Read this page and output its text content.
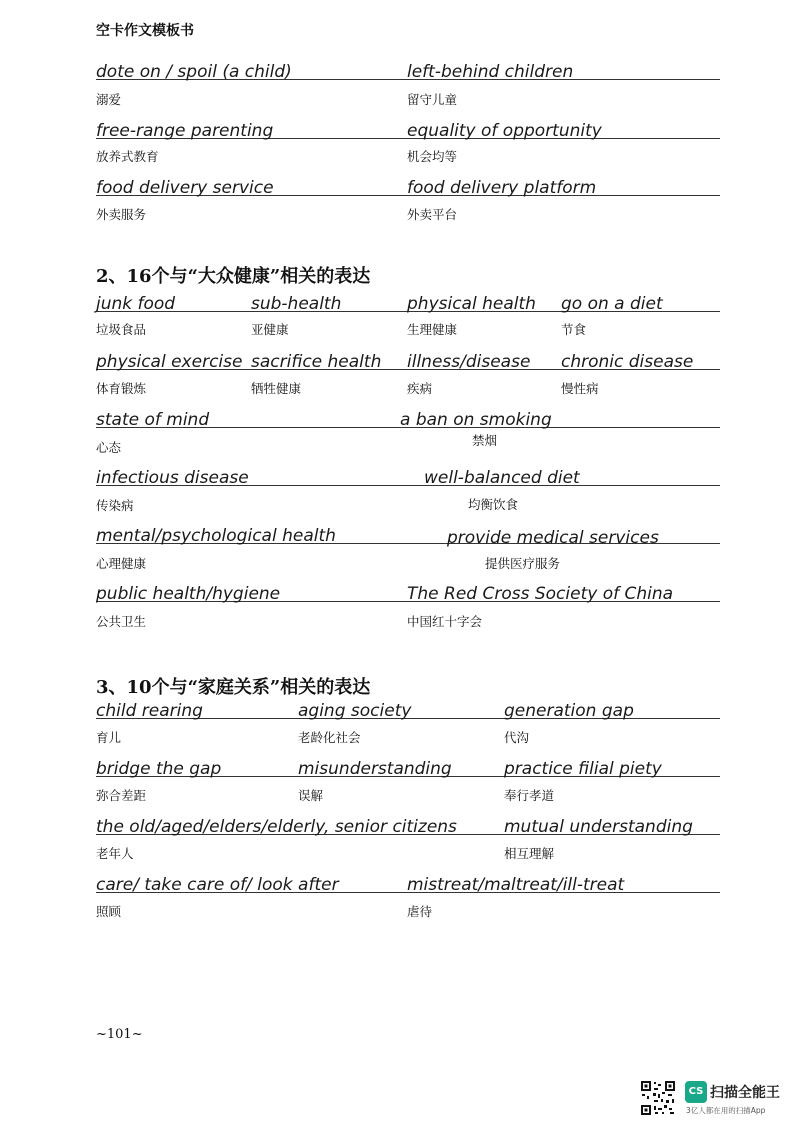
空卡作文模板书
dote on / spoil (a child)
溺爱
left-behind children
留守儿童
free-range parenting
放养式教育
equality of opportunity
机会均等
food delivery service
外卖服务
food delivery platform
外卖平台
2、16个与“大众健康”相关的表达
junk food
垃圾食品
sub-health
亚健康
physical health
生理健康
go on a diet
节食
physical exercise
体育锻炼
sacrifice health
牺牲健康
illness/disease
疾病
chronic disease
慢性病
state of mind
心态
a ban on smoking
禁烟
infectious disease
传染病
well-balanced diet
均衡饮食
mental/psychological health
心理健康
provide medical services
提供医疗服务
public health/hygiene
公共卫生
The Red Cross Society of China
中国红十字会
3、10个与“家庭关系”相关的表达
child rearing
育儿
aging society
老龄化社会
generation gap
代沟
bridge the gap
弥合差距
misunderstanding
误解
practice filial piety
奉行孝道
the old/aged/elders/elderly, senior citizens
老年人
mutual understanding
相互理解
care/ take care of/ look after
照顾
mistreat/maltreat/ill-treat
虐待
~101~
CS 扫描全能王
3亿人都在用的扫描App
